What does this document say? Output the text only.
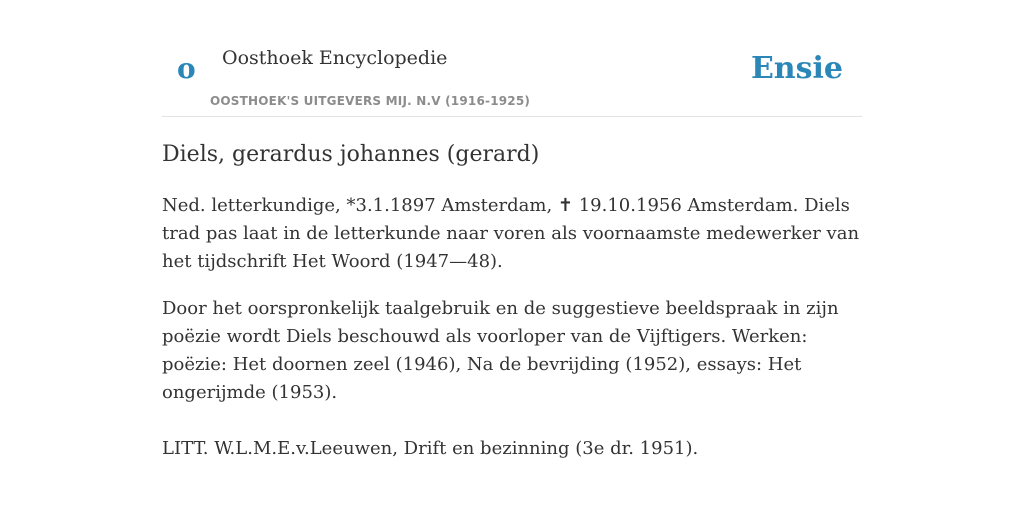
o Oosthoek Encyclopedie
OOSTHOEK'S UITGEVERS MIJ. N.V (1916-1925)
Ensie
Diels, gerardus johannes (gerard)

Ned. letterkundige, *3.1.1897 Amsterdam, ✝ 19.10.1956 Amsterdam. Diels trad pas laat in de letterkunde naar voren als voornaamste medewerker van het tijdschrift Het Woord (1947—48).

Door het oorspronkelijk taalgebruik en de suggestieve beeldspraak in zijn poëzie wordt Diels beschouwd als voorloper van de Vijftigers. Werken: poëzie: Het doornen zeel (1946), Na de bevrijding (1952), essays: Het ongerijmde (1953).

LITT. W.L.M.E.v.Leeuwen, Drift en bezinning (3e dr. 1951).
